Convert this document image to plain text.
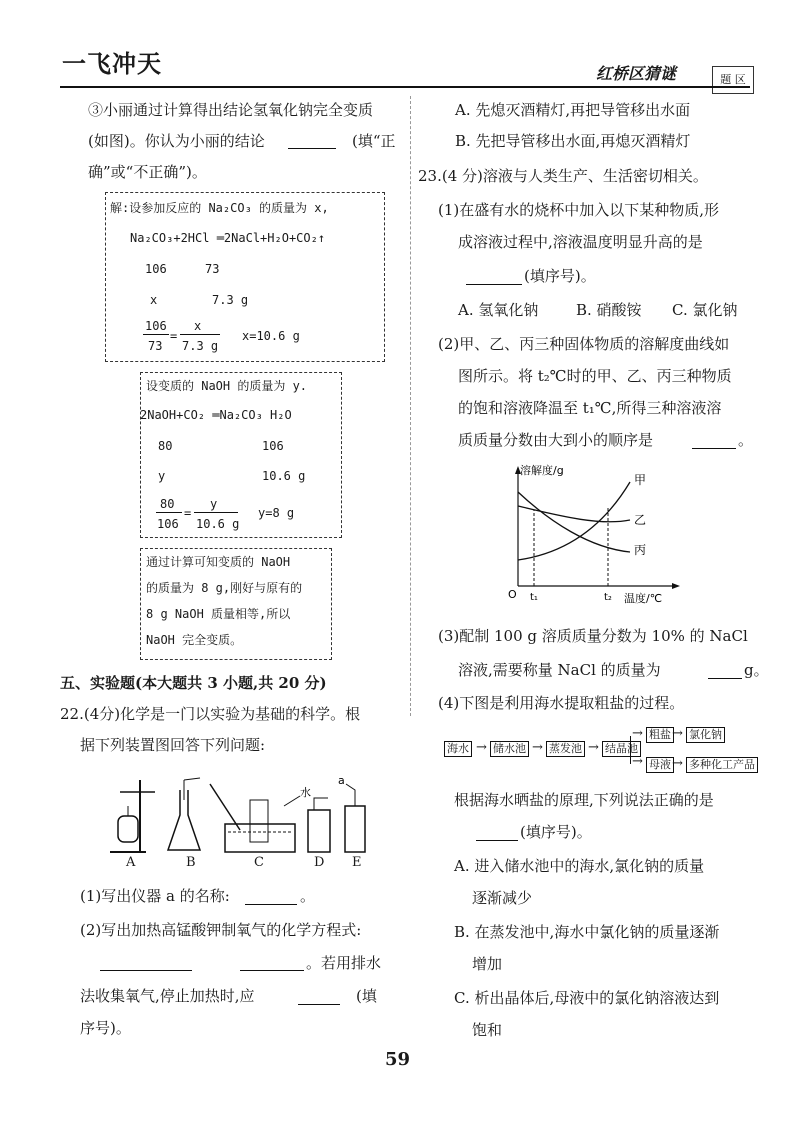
一飞冲天	红桥区猜谜	题 区
③小丽通过计算得出结论氢氧化钠完全变质
(如图)。你认为小丽的结论	(填“正
确”或“不正确”)。
解:设参加反应的 Na₂CO₃ 的质量为 x,
Na₂CO₃+2HCl ═2NaCl+H₂O+CO₂↑
106	73
x	7.3 g
106
73
=
x
7.3 g
x=10.6 g
设变质的 NaOH 的质量为 y.
2NaOH+CO₂ ═Na₂CO₃ H₂O
80	106
y	10.6 g
80
106
=
y
10.6 g
y=8 g
通过计算可知变质的 NaOH
的质量为 8 g,刚好与原有的
8 g NaOH 质量相等,所以
NaOH 完全变质。
五、实验题(本大题共 3 小题,共 20 分)
22.(4分)化学是一门以实验为基础的科学。根
据下列装置图回答下列问题:
水
a
A	B	C	D E
(1)写出仪器 a 的名称:	。
(2)写出加热高锰酸钾制氧气的化学方程式:
。若用排水
法收集氧气,停止加热时,应	(填
序号)。
A. 先熄灭酒精灯,再把导管移出水面
B. 先把导管移出水面,再熄灭酒精灯
23.(4 分)溶液与人类生产、生活密切相关。
(1)在盛有水的烧杯中加入以下某种物质,形
成溶液过程中,溶液温度明显升高的是
(填序号)。
A. 氢氧化钠	B. 硝酸铵 C. 氯化钠
(2)甲、乙、丙三种固体物质的溶解度曲线如
图所示。将 t₂℃时的甲、乙、丙三种物质
的饱和溶液降温至 t₁℃,所得三种溶液溶
质质量分数由大到小的顺序是	。
溶解度/g
甲
乙
丙
O t₁	t₂ 温度/℃
(3)配制 100 g 溶质质量分数为 10% 的 NaCl
溶液,需要称量 NaCl 的质量为	g。
(4)下图是利用海水提取粗盐的过程。
海水 → 储水池 → 蒸发池 → 结晶池
→
→
粗盐 → 氯化钠
母液 → 多种化工产品
根据海水晒盐的原理,下列说法正确的是
(填序号)。
A. 进入储水池中的海水,氯化钠的质量
逐渐减少
B. 在蒸发池中,海水中氯化钠的质量逐渐
增加
C. 析出晶体后,母液中的氯化钠溶液达到
饱和
59
